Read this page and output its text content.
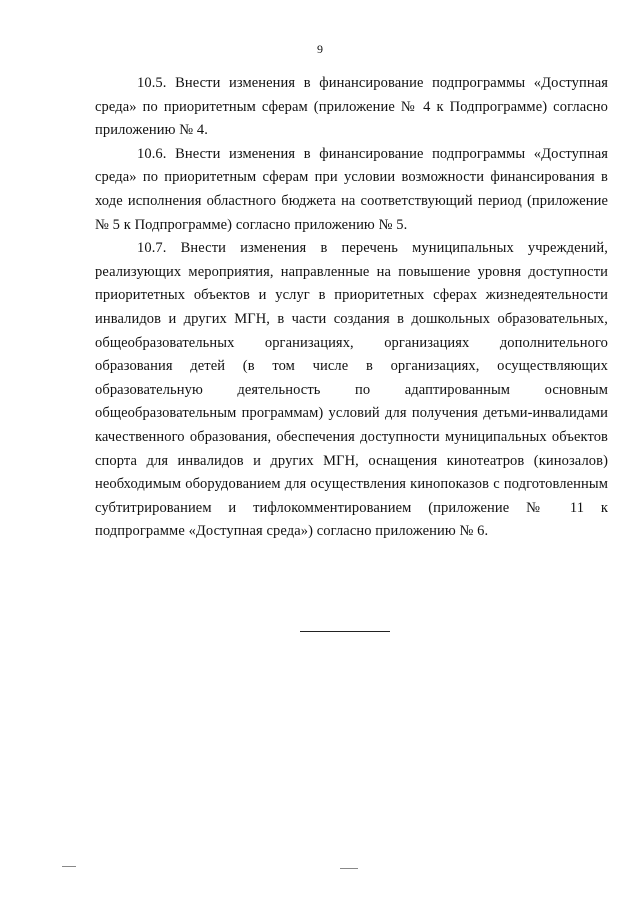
9

10.5. Внести изменения в финансирование подпрограммы «Доступная среда» по приоритетным сферам (приложение № 4 к Подпрограмме) согласно приложению № 4.

10.6. Внести изменения в финансирование подпрограммы «Доступная среда» по приоритетным сферам при условии возможности финансирования в ходе исполнения областного бюджета на соответствующий период (приложение № 5 к Подпрограмме) согласно приложению № 5.

10.7. Внести изменения в перечень муниципальных учреждений, реализующих мероприятия, направленные на повышение уровня доступности приоритетных объектов и услуг в приоритетных сферах жизнедеятельности инвалидов и других МГН, в части создания в дошкольных образовательных, общеобразовательных организациях, организациях дополнительного образования детей (в том числе в организациях, осуществляющих образовательную деятельность по адаптированным основным общеобразовательным программам) условий для получения детьми-инвалидами качественного образования, обеспечения доступности муниципальных объектов спорта для инвалидов и других МГН, оснащения кинотеатров (кинозалов) необходимым оборудованием для осуществления кинопоказов с подготовленным субтитрированием и тифлокомментированием (приложение № 11 к подпрограмме «Доступная среда») согласно приложению № 6.
